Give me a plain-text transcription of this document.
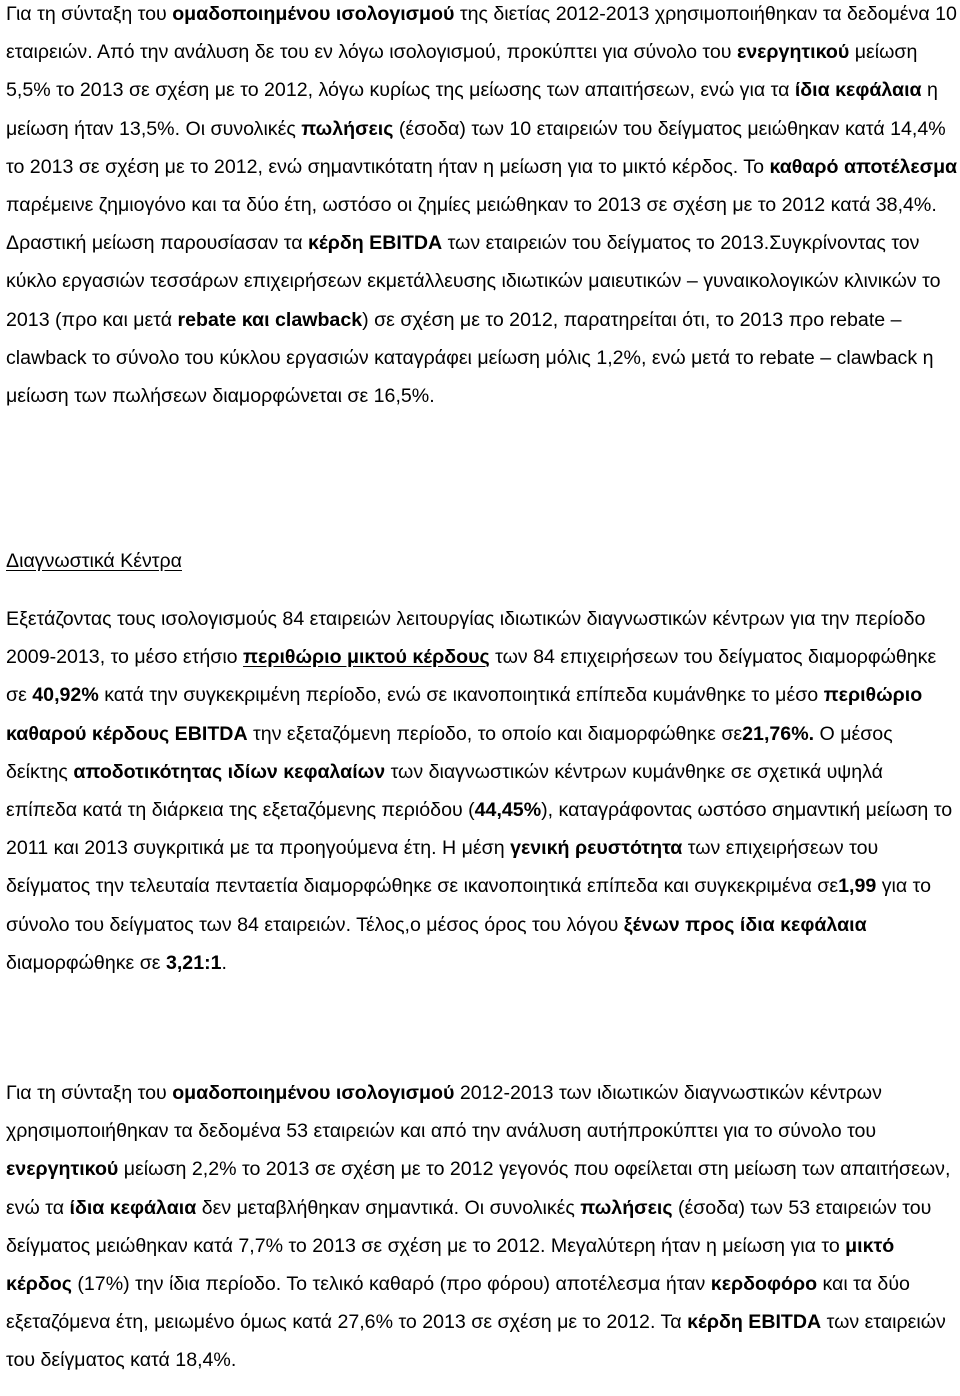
Για τη σύνταξη του ομαδοποιημένου ισολογισμού της διετίας 2012-2013 χρησιμοποιήθηκαν τα δεδομένα 10 εταιρειών. Από την ανάλυση δε του εν λόγω ισολογισμού, προκύπτει για σύνολο του ενεργητικού μείωση 5,5% το 2013 σε σχέση με το 2012, λόγω κυρίως της μείωσης των απαιτήσεων, ενώ για τα ίδια κεφάλαια η μείωση ήταν 13,5%. Οι συνολικές πωλήσεις (έσοδα) των 10 εταιρειών του δείγματος μειώθηκαν κατά 14,4% το 2013 σε σχέση με το 2012, ενώ σημαντικότατη ήταν η μείωση για το μικτό κέρδος. Το καθαρό αποτέλεσμα παρέμεινε ζημιογόνο και τα δύο έτη, ωστόσο οι ζημίες μειώθηκαν το 2013 σε σχέση με το 2012 κατά 38,4%. Δραστική μείωση παρουσίασαν τα κέρδη EBITDA των εταιρειών του δείγματος το 2013.Συγκρίνοντας τον κύκλο εργασιών τεσσάρων επιχειρήσεων εκμετάλλευσης ιδιωτικών μαιευτικών – γυναικολογικών κλινικών το 2013 (προ και μετά rebate και clawback) σε σχέση με το 2012, παρατηρείται ότι, το 2013 προ rebate – clawback το σύνολο του κύκλου εργασιών καταγράφει μείωση μόλις 1,2%, ενώ μετά το rebate – clawback η μείωση των πωλήσεων διαμορφώνεται σε 16,5%.

Διαγνωστικά Κέντρα

Εξετάζοντας τους ισολογισμούς 84 εταιρειών λειτουργίας ιδιωτικών διαγνωστικών κέντρων για την περίοδο 2009-2013, το μέσο ετήσιο περιθώριο μικτού κέρδους των 84 επιχειρήσεων του δείγματος διαμορφώθηκε σε 40,92% κατά την συγκεκριμένη περίοδο, ενώ σε ικανοποιητικά επίπεδα κυμάνθηκε το μέσο περιθώριο καθαρού κέρδους EBITDA την εξεταζόμενη περίοδο, το οποίο και διαμορφώθηκε σε21,76%. Ο μέσος δείκτης αποδοτικότητας ιδίων κεφαλαίων των διαγνωστικών κέντρων κυμάνθηκε σε σχετικά υψηλά επίπεδα κατά τη διάρκεια της εξεταζόμενης περιόδου (44,45%), καταγράφοντας ωστόσο σημαντική μείωση το 2011 και 2013 συγκριτικά με τα προηγούμενα έτη. Η μέση γενική ρευστότητα των επιχειρήσεων του δείγματος την τελευταία πενταετία διαμορφώθηκε σε ικανοποιητικά επίπεδα και συγκεκριμένα σε1,99 για το σύνολο του δείγματος των 84 εταιρειών. Τέλος,ο μέσος όρος του λόγου ξένων προς ίδια κεφάλαια διαμορφώθηκε σε 3,21:1.

Για τη σύνταξη του ομαδοποιημένου ισολογισμού 2012-2013 των ιδιωτικών διαγνωστικών κέντρων χρησιμοποιήθηκαν τα δεδομένα 53 εταιρειών και από την ανάλυση αυτήπροκύπτει για το σύνολο του ενεργητικού μείωση 2,2% το 2013 σε σχέση με το 2012 γεγονός που οφείλεται στη μείωση των απαιτήσεων, ενώ τα ίδια κεφάλαια δεν μεταβλήθηκαν σημαντικά. Οι συνολικές πωλήσεις (έσοδα) των 53 εταιρειών του δείγματος μειώθηκαν κατά 7,7% το 2013 σε σχέση με το 2012. Μεγαλύτερη ήταν η μείωση για το μικτό κέρδος (17%) την ίδια περίοδο. Το τελικό καθαρό (προ φόρου) αποτέλεσμα ήταν κερδοφόρο και τα δύο εξεταζόμενα έτη, μειωμένο όμως κατά 27,6% το 2013 σε σχέση με το 2012. Τα κέρδη EBITDA των εταιρειών του δείγματος κατά 18,4%.
